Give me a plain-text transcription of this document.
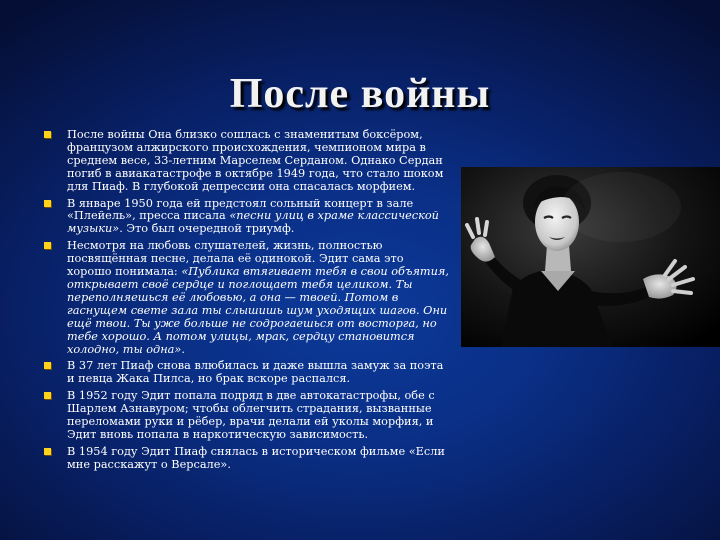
После войны
После войны Она близко сошлась с знаменитым боксёром, французом алжирского происхождения, чемпионом мира в среднем весе, 33-летним Марселем Серданом. Однако Сердан погиб в авиакатастрофе в октябре 1949 года, что стало шоком для Пиаф. В глубокой депрессии она спасалась морфием.
В январе 1950 года ей предстоял сольный концерт в зале «Плейель», пресса писала «песни улиц в храме классической музыки». Это был очередной триумф.
Несмотря на любовь слушателей, жизнь, полностью посвящённая песне, делала её одинокой. Эдит сама это хорошо понимала: «Публика втягивает тебя в свои объятия, открывает своё сердце и поглощает тебя целиком. Ты переполняешься её любовью, а она — твоей. Потом в гаснущем свете зала ты слышишь шум уходящих шагов. Они ещё твои. Ты уже больше не содрогаешься от восторга, но тебе хорошо. А потом улицы, мрак, сердцу становится холодно, ты одна».
В 37 лет Пиаф снова влюбилась и даже вышла замуж за поэта и певца Жака Пилса, но брак вскоре распался.
В 1952 году Эдит попала подряд в две автокатастрофы, обе с Шарлем Азнавуром; чтобы облегчить страдания, вызванные переломами руки и рёбер, врачи делали ей уколы морфия, и Эдит вновь попала в наркотическую зависимость.
В 1954 году Эдит Пиаф снялась в историческом фильме «Если мне расскажут о Версале».
